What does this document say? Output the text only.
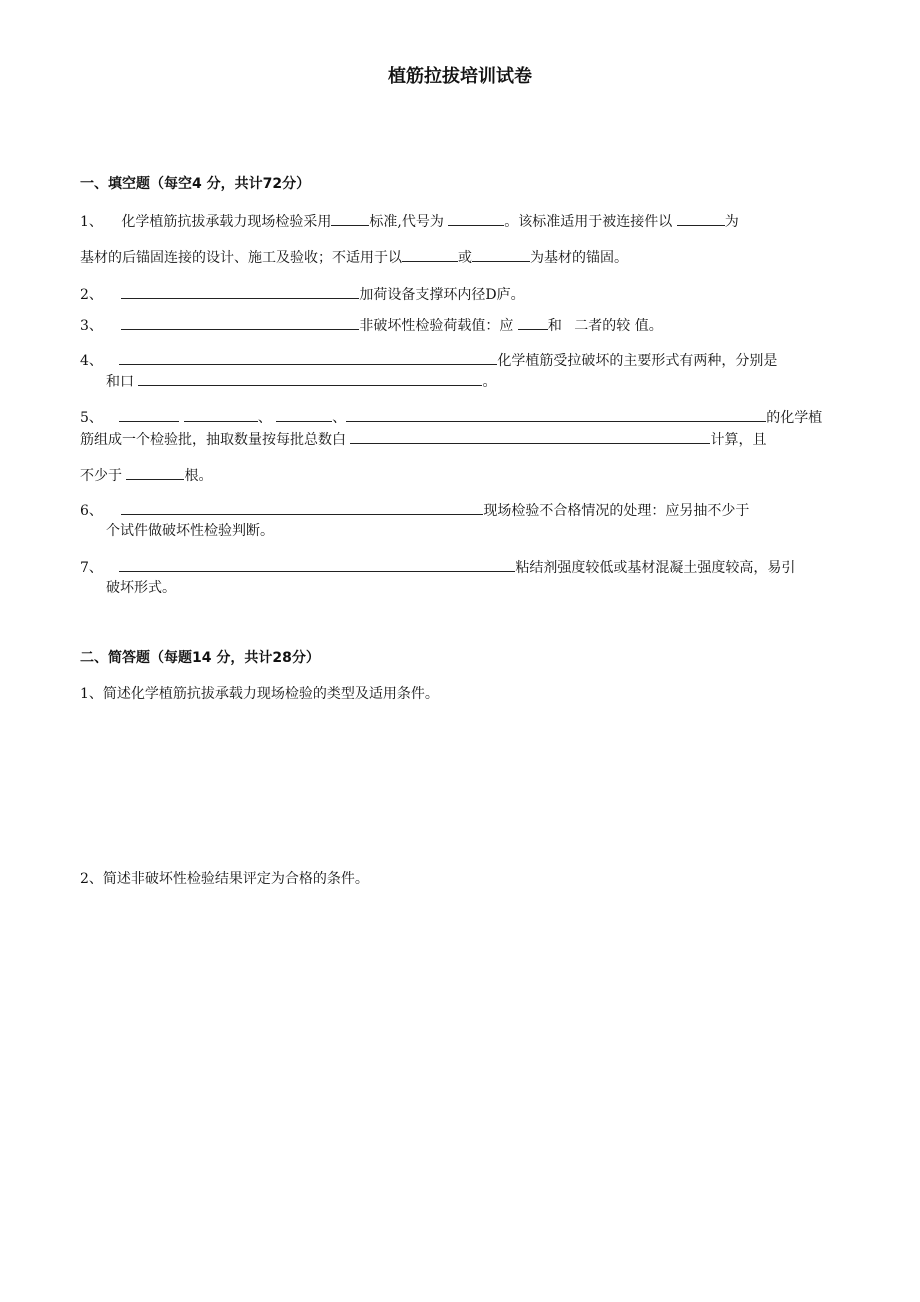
植筋拉拔培训试卷
一、填空题（每空4 分，共计72分）
1、 化学植筋抗拔承载力现场检验采用	标准,代号为	。该标准适用于被连接件以	为
基材的后锚固连接的设计、施工及验收；不适用于以	或	为基材的锚固。
2、	加荷设备支撑环内径D庐。
3、	非破坏性检验荷载值：应 和 二者的较 值。
4、	化学植筋受拉破坏的主要形式有两种，分别是
和口	。
5、	、	、	的化学植
筋组成一个检验批，抽取数量按每批总数白	计算，且
不少于	根。
6、	现场检验不合格情况的处理：应另抽不少于
个试件做破坏性检验判断。
7、	粘结剂强度较低或基材混凝土强度较高，易引
破坏形式。
二、简答题（每题14 分，共计28分）
1、简述化学植筋抗拔承载力现场检验的类型及适用条件。
2、简述非破坏性检验结果评定为合格的条件。
